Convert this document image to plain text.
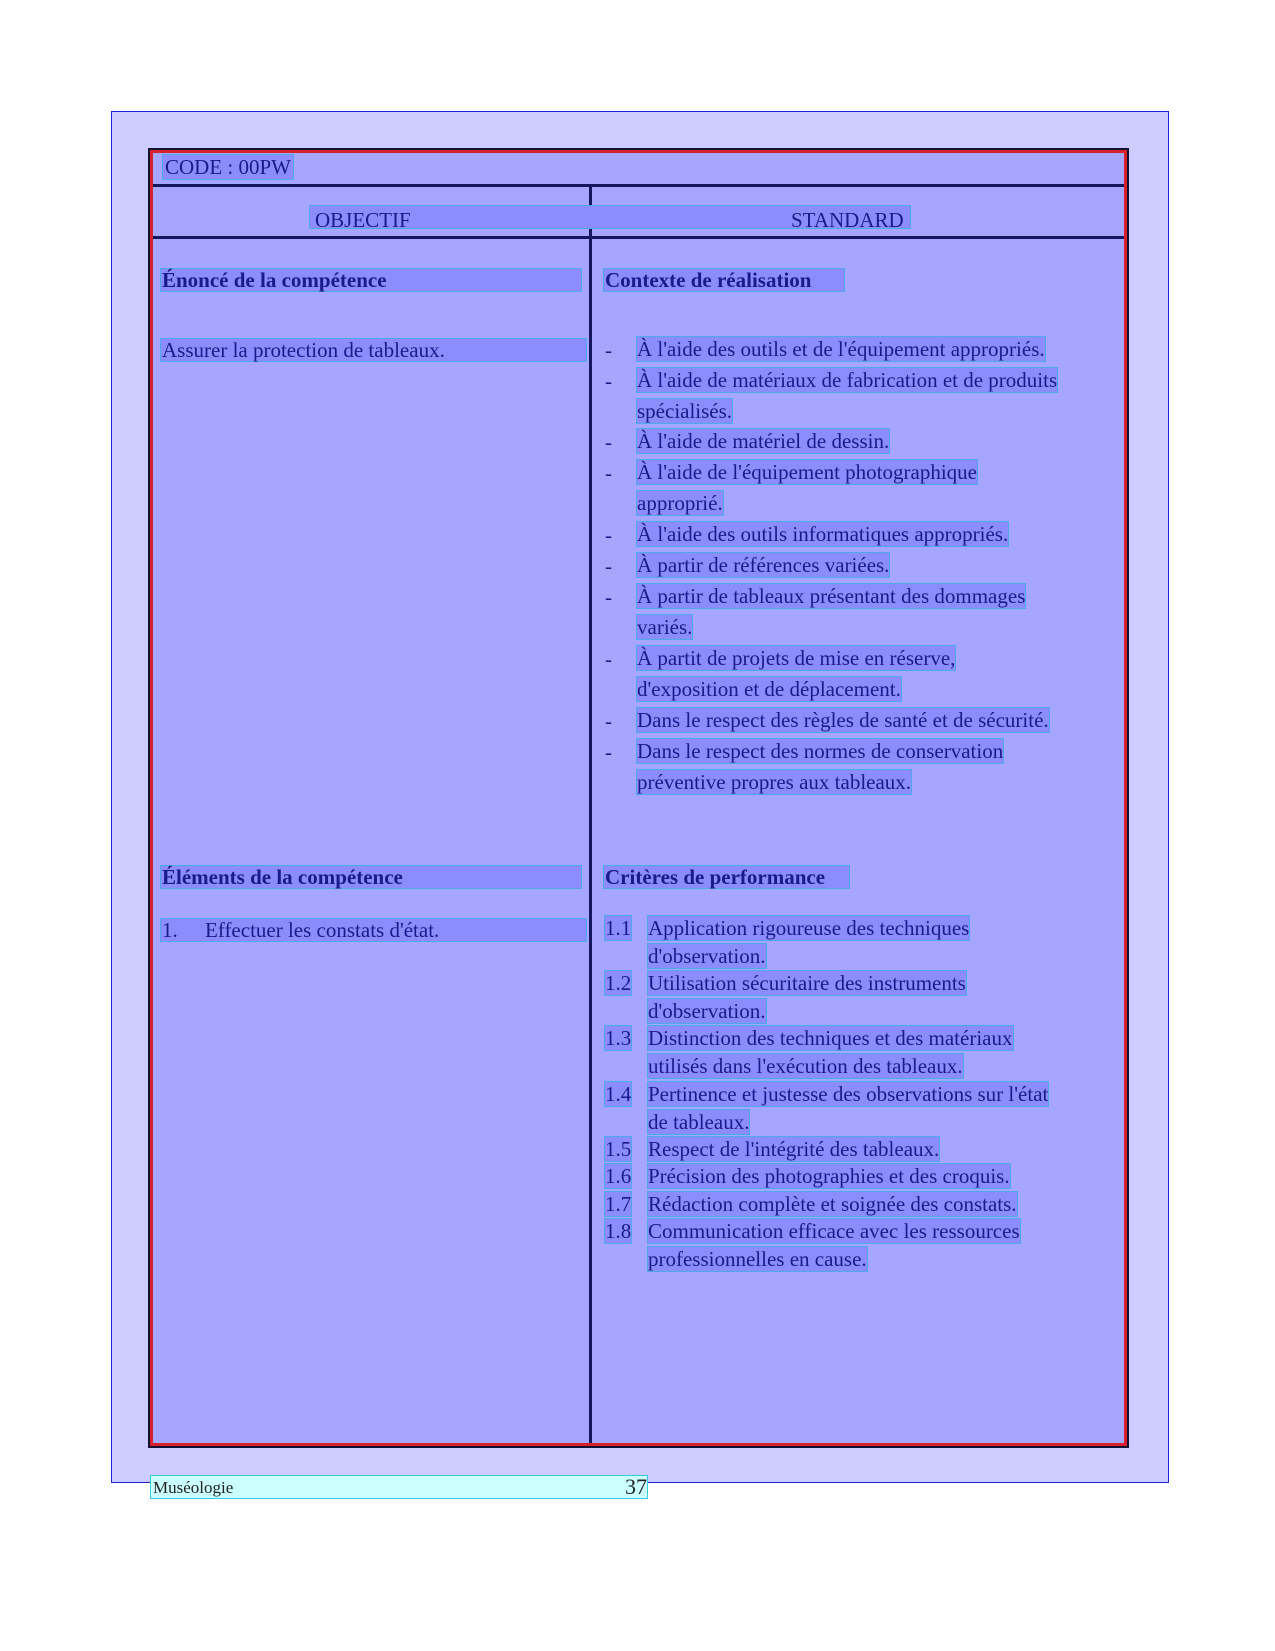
CODE : 00PW
OBJECTIF	STANDARD
Énoncé de la compétence	Contexte de réalisation
Assurer la protection de tableaux.	-	À l'aide des outils et de l'équipement appropriés.
-	À l'aide de matériaux de fabrication et de produits
spécialisés.
-	À l'aide de matériel de dessin.
-	À l'aide de l'équipement photographique
approprié.
-	À l'aide des outils informatiques appropriés.
-	À partir de références variées.
-	À partir de tableaux présentant des dommages
variés.
-	À partit de projets de mise en réserve,
d'exposition et de déplacement.
-	Dans le respect des règles de santé et de sécurité.
-	Dans le respect des normes de conservation
préventive propres aux tableaux.
Éléments de la compétence	Critères de performance
1. Effectuer les constats d'état.	1.1 Application rigoureuse des techniques
d'observation.
1.2 Utilisation sécuritaire des instruments
d'observation.
1.3 Distinction des techniques et des matériaux
utilisés dans l'exécution des tableaux.
1.4 Pertinence et justesse des observations sur l'état
de tableaux.
1.5 Respect de l'intégrité des tableaux.
1.6 Précision des photographies et des croquis.
1.7 Rédaction complète et soignée des constats.
1.8 Communication efficace avec les ressources
professionnelles en cause.
Muséologie	37
